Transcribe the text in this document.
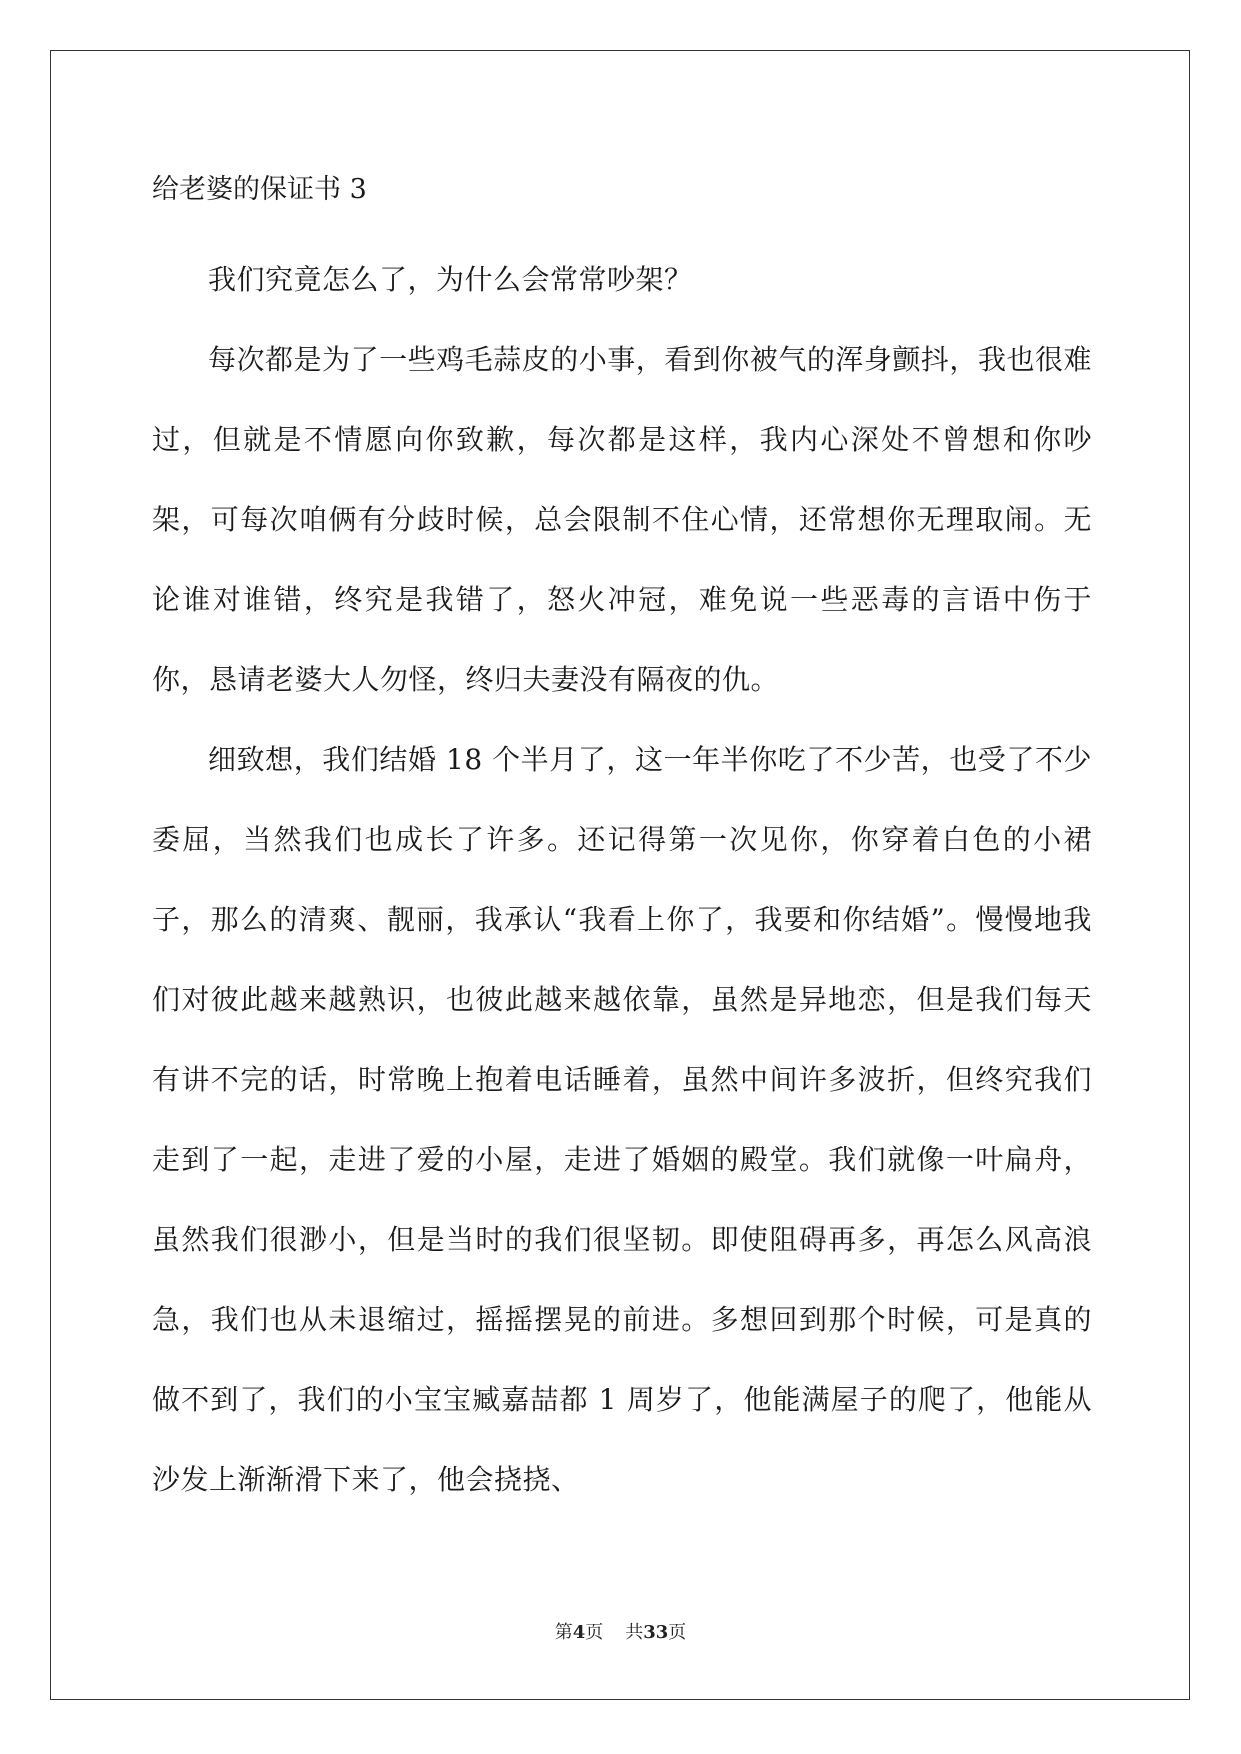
给老婆的保证书 3

我们究竟怎么了，为什么会常常吵架？

每次都是为了一些鸡毛蒜皮的小事，看到你被气的浑身颤抖，我也很难过，但就是不情愿向你致歉，每次都是这样，我内心深处不曾想和你吵架，可每次咱俩有分歧时候，总会限制不住心情，还常想你无理取闹。无论谁对谁错，终究是我错了，怒火冲冠，难免说一些恶毒的言语中伤于你，恳请老婆大人勿怪，终归夫妻没有隔夜的仇。

细致想，我们结婚 18 个半月了，这一年半你吃了不少苦，也受了不少委屈，当然我们也成长了许多。还记得第一次见你，你穿着白色的小裙子，那么的清爽、靓丽，我承认“我看上你了，我要和你结婚”。慢慢地我们对彼此越来越熟识，也彼此越来越依靠，虽然是异地恋，但是我们每天有讲不完的话，时常晚上抱着电话睡着，虽然中间许多波折，但终究我们走到了一起，走进了爱的小屋，走进了婚姻的殿堂。我们就像一叶扁舟，虽然我们很渺小，但是当时的我们很坚韧。即使阻碍再多，再怎么风高浪急，我们也从未退缩过，摇摇摆晃的前进。多想回到那个时候，可是真的做不到了，我们的小宝宝臧嘉喆都 1 周岁了，他能满屋子的爬了，他能从沙发上渐渐滑下来了，他会挠挠、

第4页 共33页
